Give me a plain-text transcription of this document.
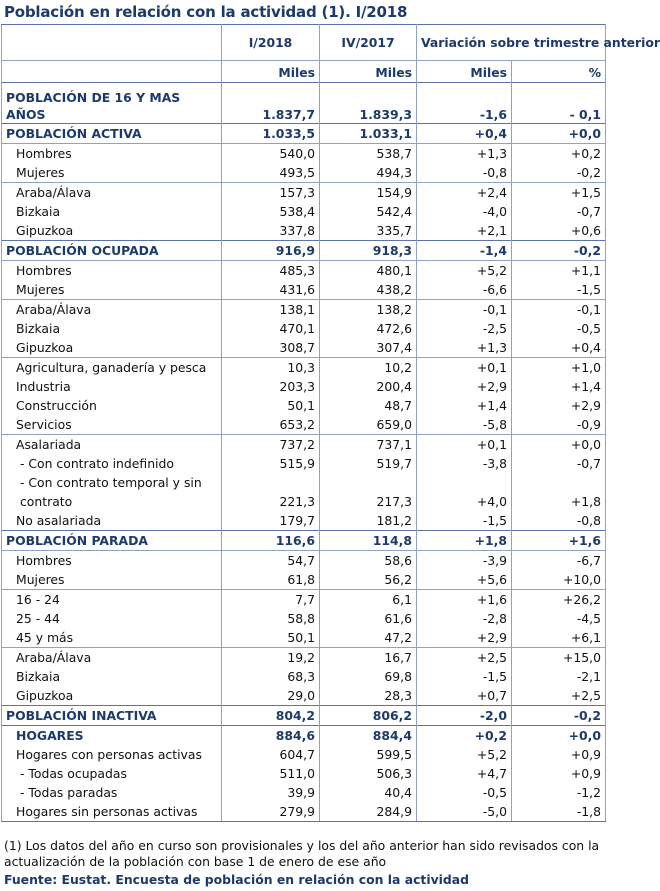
Población en relación con la actividad (1). I/2018
	I/2018	IV/2017	Variación sobre trimestre anterior	
	Miles	Miles	Miles	%
POBLACIÓN DE 16 Y MAS AÑOS	1.837,7	1.839,3	-1,6	- 0,1
POBLACIÓN ACTIVA	1.033,5	1.033,1	+0,4	+0,0
Hombres	540,0	538,7	+1,3	+0,2
Mujeres	493,5	494,3	-0,8	-0,2
Araba/Álava	157,3	154,9	+2,4	+1,5
Bizkaia	538,4	542,4	-4,0	-0,7
Gipuzkoa	337,8	335,7	+2,1	+0,6
POBLACIÓN OCUPADA	916,9	918,3	-1,4	-0,2
Hombres	485,3	480,1	+5,2	+1,1
Mujeres	431,6	438,2	-6,6	-1,5
Araba/Álava	138,1	138,2	-0,1	-0,1
Bizkaia	470,1	472,6	-2,5	-0,5
Gipuzkoa	308,7	307,4	+1,3	+0,4
Agricultura, ganadería y pesca	10,3	10,2	+0,1	+1,0
Industria	203,3	200,4	+2,9	+1,4
Construcción	50,1	48,7	+1,4	+2,9
Servicios	653,2	659,0	-5,8	-0,9
Asalariada	737,2	737,1	+0,1	+0,0
- Con contrato indefinido	515,9	519,7	-3,8	-0,7
- Con contrato temporal y sin contrato	221,3	217,3	+4,0	+1,8
No asalariada	179,7	181,2	-1,5	-0,8
POBLACIÓN PARADA	116,6	114,8	+1,8	+1,6
Hombres	54,7	58,6	-3,9	-6,7
Mujeres	61,8	56,2	+5,6	+10,0
16 - 24	7,7	6,1	+1,6	+26,2
25 - 44	58,8	61,6	-2,8	-4,5
45 y más	50,1	47,2	+2,9	+6,1
Araba/Álava	19,2	16,7	+2,5	+15,0
Bizkaia	68,3	69,8	-1,5	-2,1
Gipuzkoa	29,0	28,3	+0,7	+2,5
POBLACIÓN INACTIVA	804,2	806,2	-2,0	-0,2
HOGARES	884,6	884,4	+0,2	+0,0
Hogares con personas activas	604,7	599,5	+5,2	+0,9
- Todas ocupadas	511,0	506,3	+4,7	+0,9
- Todas paradas	39,9	40,4	-0,5	-1,2
Hogares sin personas activas	279,9	284,9	-5,0	-1,8
(1) Los datos del año en curso son provisionales y los del año anterior han sido revisados con la actualización de la población con base 1 de enero de ese año
Fuente: Eustat. Encuesta de población en relación con la actividad
